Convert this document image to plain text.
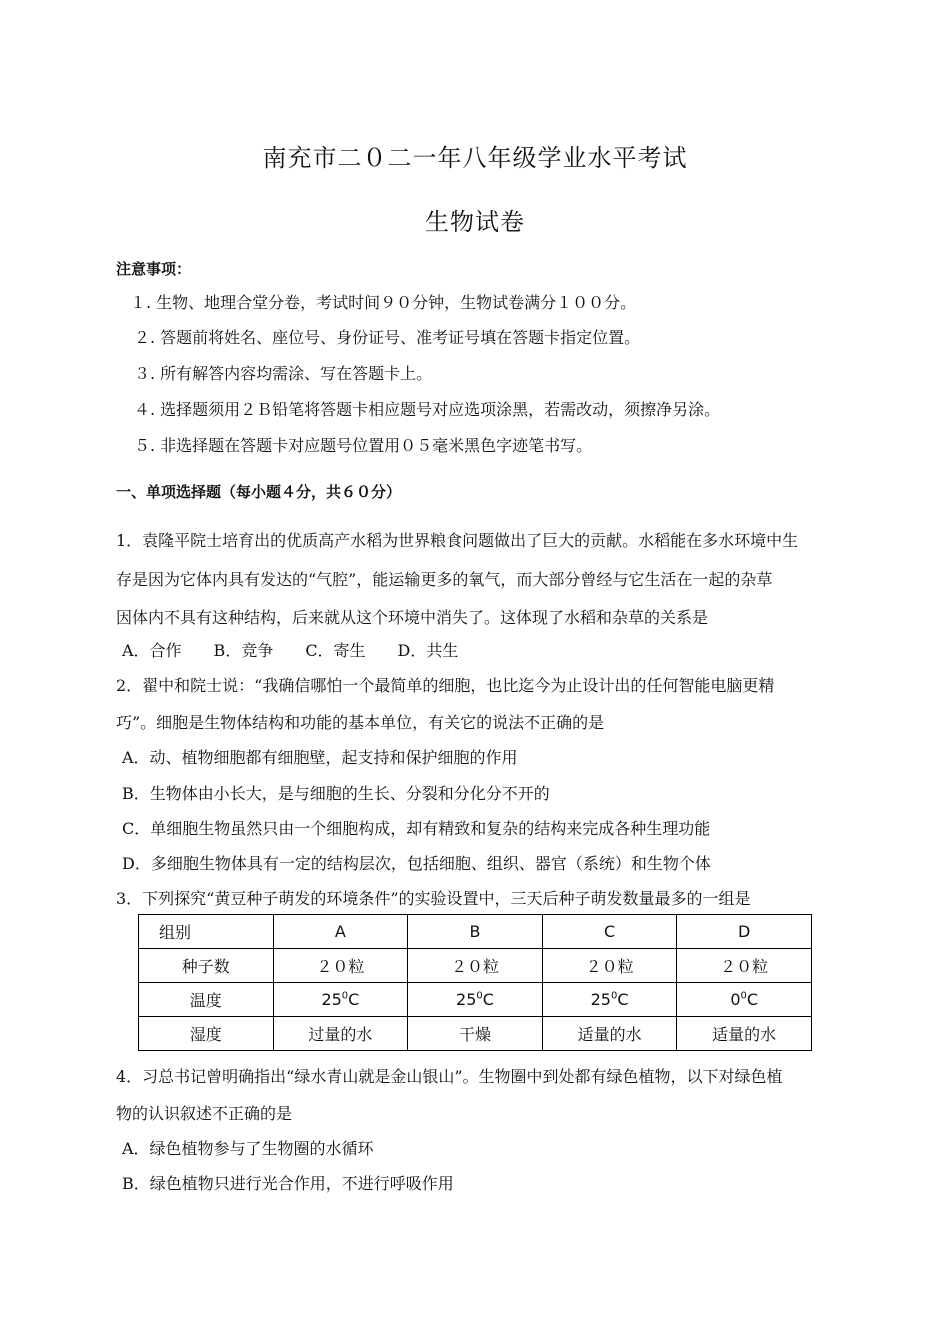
南充市二０二一年八年级学业水平考试
生物试卷
注意事项：
１. 生物、地理合堂分卷，考试时间９０分钟，生物试卷满分１００分。
２. 答题前将姓名、座位号、身份证号、准考证号填在答题卡指定位置。
３. 所有解答内容均需涂、写在答题卡上。
４. 选择题须用２Ｂ铅笔将答题卡相应题号对应选项涂黑，若需改动，须擦净另涂。
５. 非选择题在答题卡对应题号位置用０５毫米黑色字迹笔书写。
一、单项选择题（每小题４分，共６０分）
1．袁隆平院士培育出的优质高产水稻为世界粮食问题做出了巨大的贡献。水稻能在多水环境中生
存是因为它体内具有发达的“气腔”，能运输更多的氧气，而大部分曾经与它生活在一起的杂草
因体内不具有这种结构，后来就从这个环境中消失了。这体现了水稻和杂草的关系是
A．合作　　B．竞争　　C．寄生　　D．共生
2．翟中和院士说：“我确信哪怕一个最简单的细胞，也比迄今为止设计出的任何智能电脑更精
巧”。细胞是生物体结构和功能的基本单位，有关它的说法不正确的是
A．动、植物细胞都有细胞壁，起支持和保护细胞的作用
B．生物体由小长大，是与细胞的生长、分裂和分化分不开的
C．单细胞生物虽然只由一个细胞构成，却有精致和复杂的结构来完成各种生理功能
D．多细胞生物体具有一定的结构层次，包括细胞、组织、器官（系统）和生物个体
3．下列探究“黄豆种子萌发的环境条件”的实验设置中，三天后种子萌发数量最多的一组是
组别	A	B	C	D
种子数	２０粒	２０粒	２０粒	２０粒
温度	$25^0C$	$25^0C$	$25^0C$	$0^0C$
湿度	过量的水	干燥	适量的水	适量的水
4．习总书记曾明确指出“绿水青山就是金山银山”。生物圈中到处都有绿色植物，以下对绿色植
物的认识叙述不正确的是
A．绿色植物参与了生物圈的水循环
B．绿色植物只进行光合作用，不进行呼吸作用
